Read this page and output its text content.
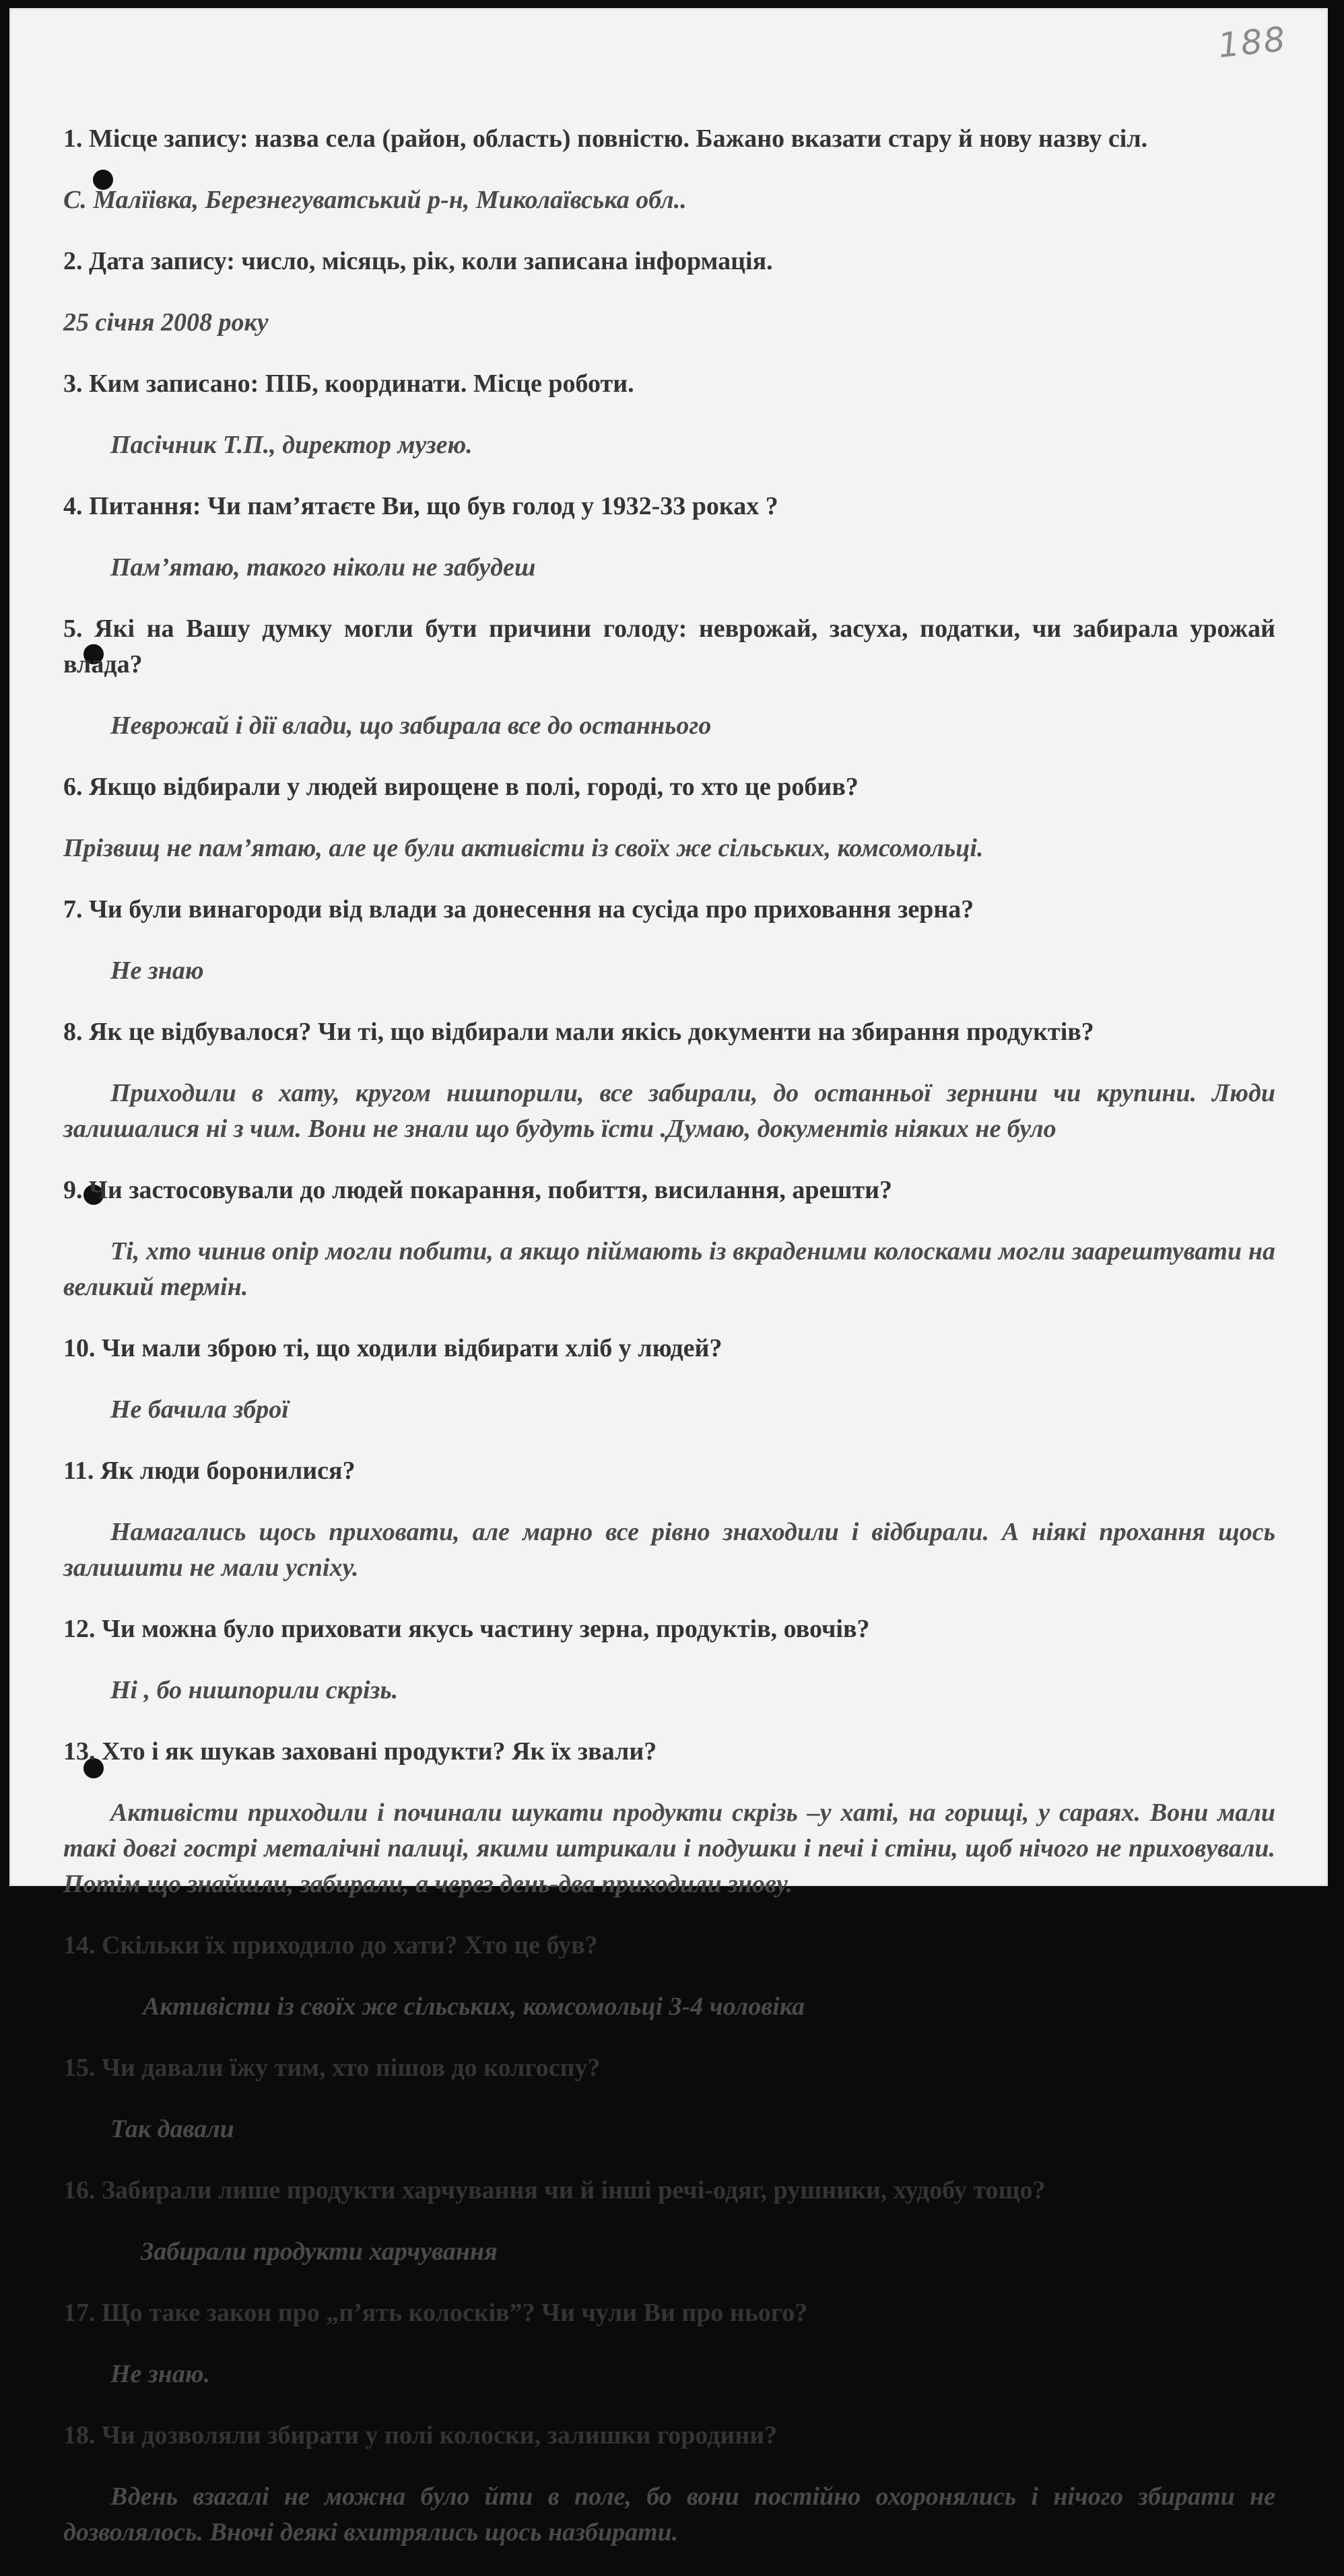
188

1. Місце запису: назва села (район, область) повністю. Бажано вказати стару й нову назву сіл.

С. Малїівка, Березнегуватський р-н, Миколаївська обл..

2. Дата запису: число, місяць, рік, коли записана інформація.

25 січня 2008 року

3. Ким записано: ПІБ, координати. Місце роботи.

Пасічник Т.П., директор музею.

4. Питання: Чи пам’ятаєте Ви, що був голод у 1932-33 роках ?

Пам’ятаю, такого ніколи не забудеш

5. Які на Вашу думку могли бути причини голоду: неврожай, засуха, податки, чи забирала урожай влада?

Неврожай і дії влади, що забирала все до останнього

6. Якщо відбирали у людей вирощене в полі, городі, то хто це робив?

Прізвищ не пам’ятаю, але це були активісти із своїх же сільських, комсомольці.

7. Чи були винагороди від влади за донесення на сусіда про приховання зерна?

Не знаю

8. Як це відбувалося? Чи ті, що відбирали мали якісь документи на збирання продуктів?

Приходили в хату, кругом нишпорили, все забирали, до останньої зернини чи крупини. Люди залишалися ні з чим. Вони не знали що будуть їсти .Думаю, документів ніяких не було

9. Чи застосовували до людей покарання, побиття, висилання, арешти?

Ті, хто чинив опір могли побити, а якщо піймають із вкраденими колосками могли заарештувати на великий термін.

10. Чи мали зброю ті, що ходили відбирати хліб у людей?

Не бачила зброї

11. Як люди боронилися?

Намагались щось приховати, але марно все рівно знаходили і відбирали. А ніякі прохання щось залишити не мали успіху.

12. Чи можна було приховати якусь частину зерна, продуктів, овочів?

Ні , бо нишпорили скрізь.

13. Хто і як шукав заховані продукти? Як їх звали?

Активісти приходили і починали шукати продукти скрізь –у хаті, на горищі, у сараях. Вони мали такі довгі гострі металічні палиці, якими штрикали і подушки і печі і стіни, щоб нічого не приховували. Потім що знайшли, забирали, а через день-два приходили знову.

14. Скільки їх приходило до хати? Хто це був?

Активісти із своїх же сільських, комсомольці 3-4 чоловіка

15. Чи давали їжу тим, хто пішов до колгоспу?

Так давали

16. Забирали лише продукти харчування чи й інші речі-одяг, рушники, худобу тощо?

Забирали продукти харчування

17. Що таке закон про „п’ять колосків”? Чи чули Ви про нього?

Не знаю.

18. Чи дозволяли збирати у полі колоски, залишки городини?

Вдень взагалі не можна було йти в поле, бо вони постійно охоронялись і нічого збирати не дозволялось. Вночі деякі вхитрялись щось назбирати.
